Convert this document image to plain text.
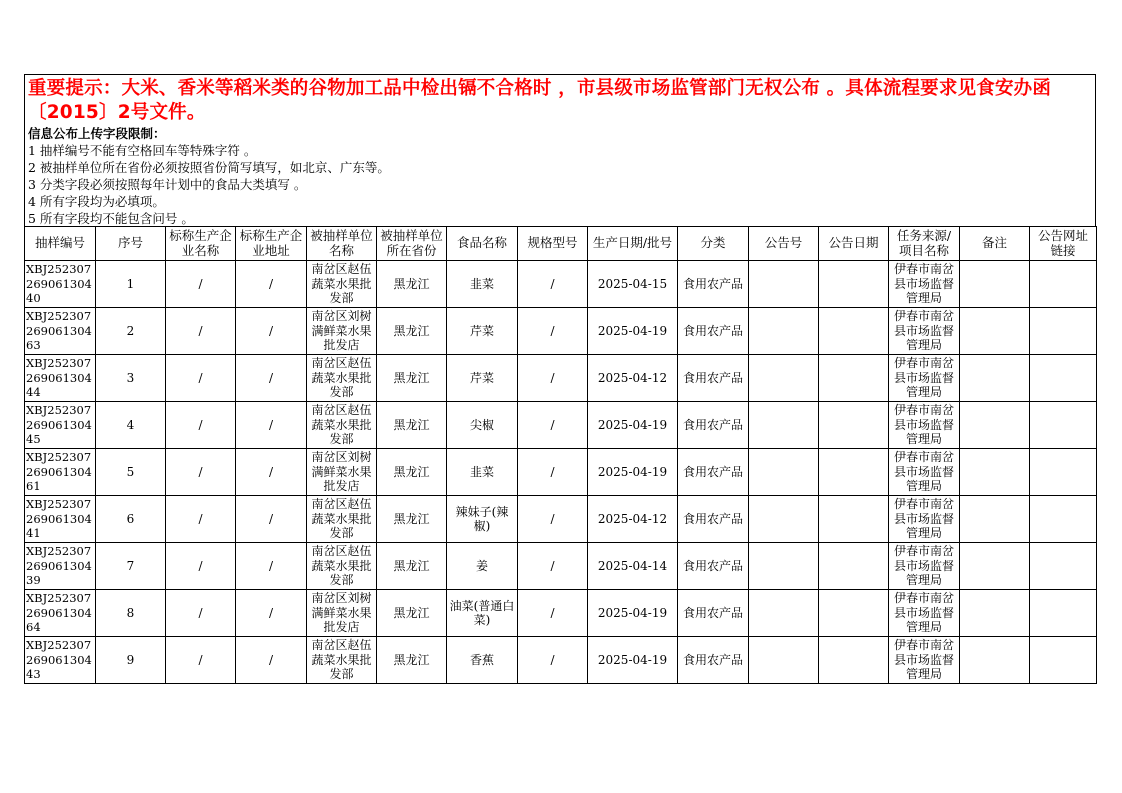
重要提示：大米、香米等稻米类的谷物加工品中检出镉不合格时 ，市县级市场监管部门无权公布 。具体流程要求见食安办函〔2015〕2号文件。
信息公布上传字段限制：
1 抽样编号不能有空格回车等特殊字符 。
2 被抽样单位所在省份必须按照省份简写填写，如北京、广东等。
3 分类字段必须按照每年计划中的食品大类填写 。
4 所有字段均为必填项。
5 所有字段均不能包含问号 。
抽样编号	序号	标称生产企业名称	标称生产企业地址	被抽样单位名称	被抽样单位所在省份	食品名称	规格型号	生产日期/批号	分类	公告号	公告日期	任务来源/项目名称	备注	公告网址链接
XBJ25230726906130440	1	/	/	南岔区赵伍蔬菜水果批发部	黑龙江	韭菜	/	2025-04-15	食用农产品			伊春市南岔县市场监督管理局		
XBJ25230726906130463	2	/	/	南岔区刘树满鲜菜水果批发店	黑龙江	芹菜	/	2025-04-19	食用农产品			伊春市南岔县市场监督管理局		
XBJ25230726906130444	3	/	/	南岔区赵伍蔬菜水果批发部	黑龙江	芹菜	/	2025-04-12	食用农产品			伊春市南岔县市场监督管理局		
XBJ25230726906130445	4	/	/	南岔区赵伍蔬菜水果批发部	黑龙江	尖椒	/	2025-04-19	食用农产品			伊春市南岔县市场监督管理局		
XBJ25230726906130461	5	/	/	南岔区刘树满鲜菜水果批发店	黑龙江	韭菜	/	2025-04-19	食用农产品			伊春市南岔县市场监督管理局		
XBJ25230726906130441	6	/	/	南岔区赵伍蔬菜水果批发部	黑龙江	辣妹子(辣椒)	/	2025-04-12	食用农产品			伊春市南岔县市场监督管理局		
XBJ25230726906130439	7	/	/	南岔区赵伍蔬菜水果批发部	黑龙江	姜	/	2025-04-14	食用农产品			伊春市南岔县市场监督管理局		
XBJ25230726906130464	8	/	/	南岔区刘树满鲜菜水果批发店	黑龙江	油菜(普通白菜)	/	2025-04-19	食用农产品			伊春市南岔县市场监督管理局		
XBJ25230726906130443	9	/	/	南岔区赵伍蔬菜水果批发部	黑龙江	香蕉	/	2025-04-19	食用农产品			伊春市南岔县市场监督管理局		
